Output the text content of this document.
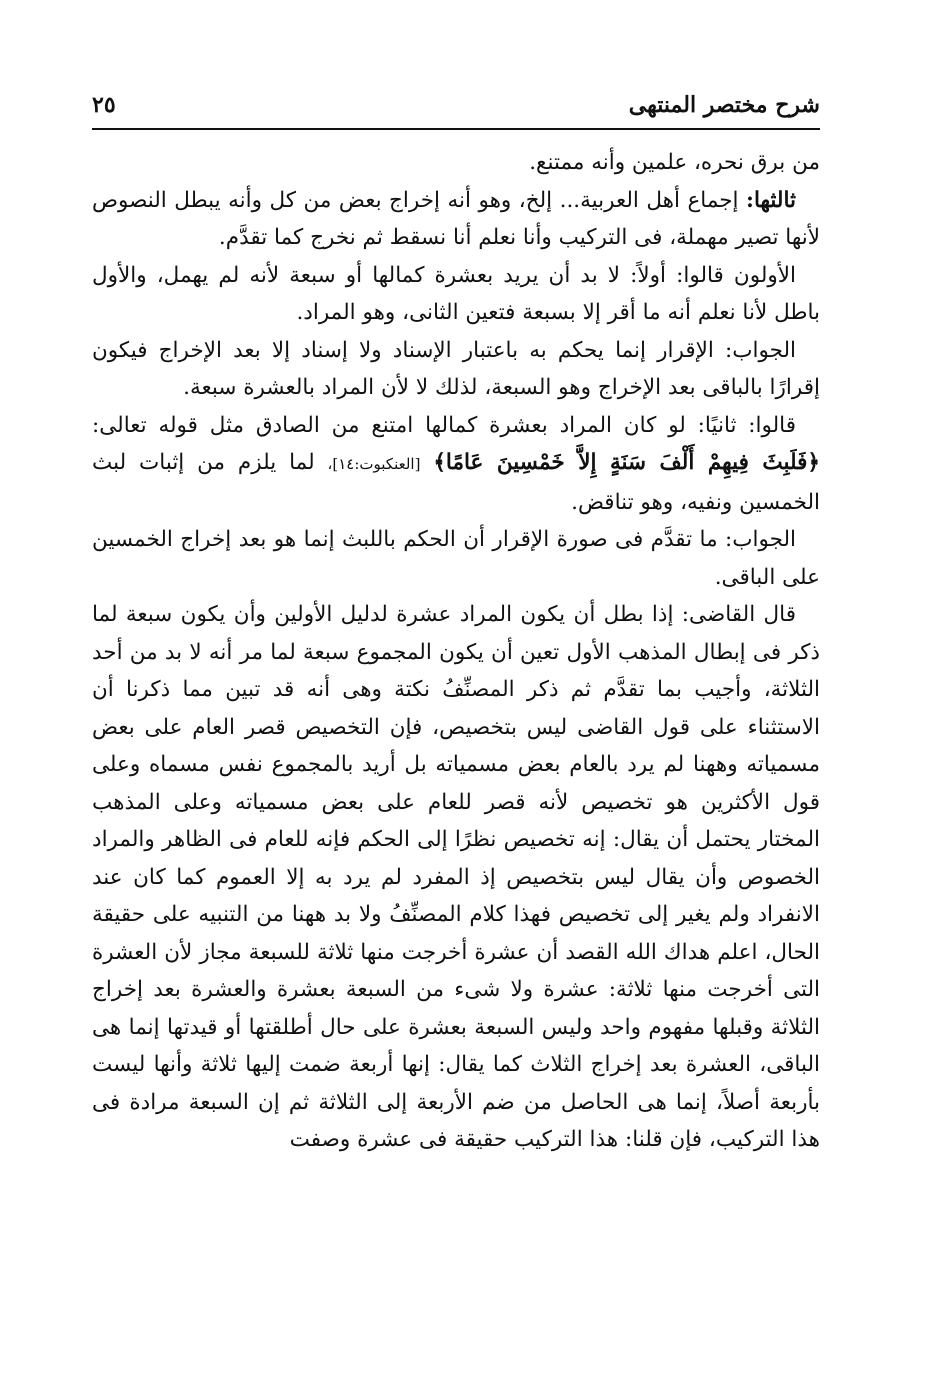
شرح مختصر المنتهى
٢٥

من برق نحره، علمين وأنه ممتنع.

ثالثها: إجماع أهل العربية... إلخ، وهو أنه إخراج بعض من كل وأنه يبطل النصوص لأنها تصير مهملة، فى التركيب وأنا نعلم أنا نسقط ثم نخرج كما تقدَّم.

الأولون قالوا: أولاً: لا بد أن يريد بعشرة كمالها أو سبعة لأنه لم يهمل، والأول باطل لأنا نعلم أنه ما أقر إلا بسبعة فتعين الثانى، وهو المراد.

الجواب: الإقرار إنما يحكم به باعتبار الإسناد ولا إسناد إلا بعد الإخراج فيكون إقرارًا بالباقى بعد الإخراج وهو السبعة، لذلك لا لأن المراد بالعشرة سبعة.

قالوا: ثانيًا: لو كان المراد بعشرة كمالها امتنع من الصادق مثل قوله تعالى: ﴿فَلَبِثَ فِيهِمْ أَلْفَ سَنَةٍ إِلاَّ خَمْسِينَ عَامًا﴾ [العنكبوت:١٤]، لما يلزم من إثبات لبث الخمسين ونفيه، وهو تناقض.

الجواب: ما تقدَّم فى صورة الإقرار أن الحكم باللبث إنما هو بعد إخراج الخمسين على الباقى.

قال القاضى: إذا بطل أن يكون المراد عشرة لدليل الأولين وأن يكون سبعة لما ذكر فى إبطال المذهب الأول تعين أن يكون المجموع سبعة لما مر أنه لا بد من أحد الثلاثة، وأجيب بما تقدَّم ثم ذكر المصنِّفُ نكتة وهى أنه قد تبين مما ذكرنا أن الاستثناء على قول القاضى ليس بتخصيص، فإن التخصيص قصر العام على بعض مسمياته وههنا لم يرد بالعام بعض مسمياته بل أريد بالمجموع نفس مسماه وعلى قول الأكثرين هو تخصيص لأنه قصر للعام على بعض مسمياته وعلى المذهب المختار يحتمل أن يقال: إنه تخصيص نظرًا إلى الحكم فإنه للعام فى الظاهر والمراد الخصوص وأن يقال ليس بتخصيص إذ المفرد لم يرد به إلا العموم كما كان عند الانفراد ولم يغير إلى تخصيص فهذا كلام المصنِّفُ ولا بد ههنا من التنبيه على حقيقة الحال، اعلم هداك الله القصد أن عشرة أخرجت منها ثلاثة للسبعة مجاز لأن العشرة التى أخرجت منها ثلاثة: عشرة ولا شىء من السبعة بعشرة والعشرة بعد إخراج الثلاثة وقبلها مفهوم واحد وليس السبعة بعشرة على حال أطلقتها أو قيدتها إنما هى الباقى، العشرة بعد إخراج الثلاث كما يقال: إنها أربعة ضمت إليها ثلاثة وأنها ليست بأربعة أصلاً، إنما هى الحاصل من ضم الأربعة إلى الثلاثة ثم إن السبعة مرادة فى هذا التركيب، فإن قلنا: هذا التركيب حقيقة فى عشرة وصفت
